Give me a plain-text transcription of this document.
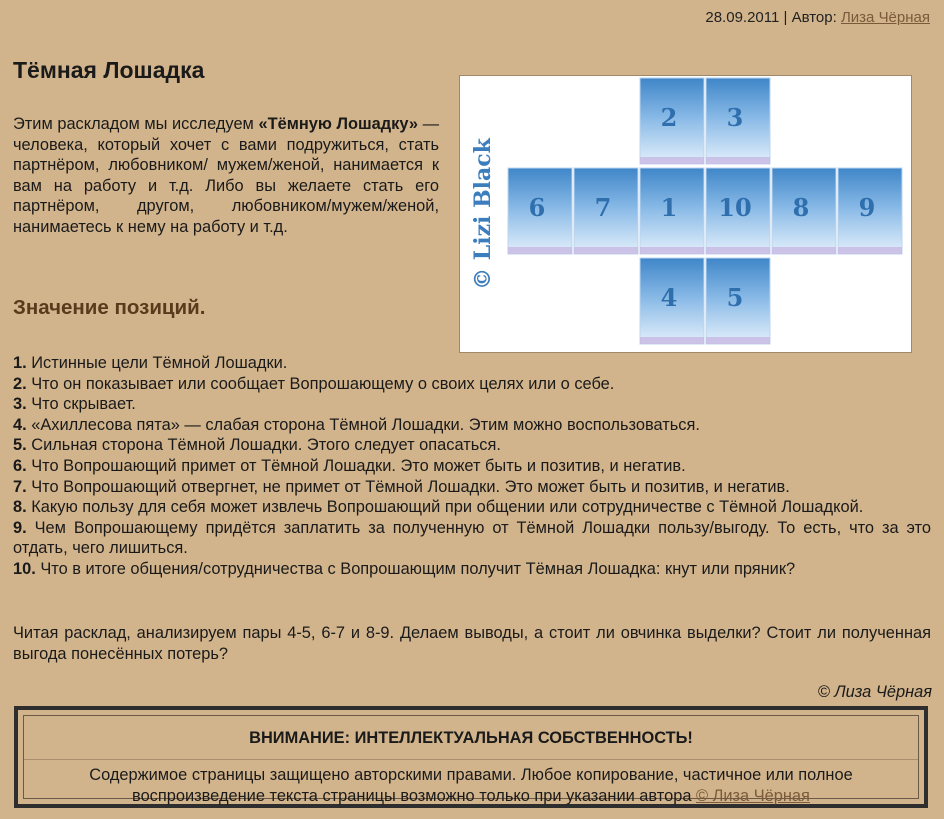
28.09.2011 | Автор: Лиза Чёрная
Тёмная Лошадка

Этим раскладом мы исследуем «Тёмную Лошадку» — человека, который хочет с вами подружиться, стать партнёром, любовником/ мужем/женой, нанимается к вам на работу и т.д. Либо вы желаете стать его партнёром, другом, любовником/мужем/женой, нанимаетесь к нему на работу и т.д.	© Lizi Black
2 3
6 7 1 10 8 9
4 5
Значение позиций.
1. Истинные цели Тёмной Лошадки.
2. Что он показывает или сообщает Вопрошающему о своих целях или о себе.
3. Что скрывает.
4. «Ахиллесова пята» — слабая сторона Тёмной Лошадки. Этим можно воспользоваться.
5. Сильная сторона Тёмной Лошадки. Этого следует опасаться.
6. Что Вопрошающий примет от Тёмной Лошадки. Это может быть и позитив, и негатив.
7. Что Вопрошающий отвергнет, не примет от Тёмной Лошадки. Это может быть и позитив, и негатив.
8. Какую пользу для себя может извлечь Вопрошающий при общении или сотрудничестве с Тёмной Лошадкой.
9. Чем Вопрошающему придётся заплатить за полученную от Тёмной Лошадки пользу/выгоду. То есть, что за это отдать, чего лишиться.
10. Что в итоге общения/сотрудничества с Вопрошающим получит Тёмная Лошадка: кнут или пряник?

Читая расклад, анализируем пары 4-5, 6-7 и 8-9. Делаем выводы, а стоит ли овчинка выделки? Стоит ли полученная выгода понесённых потерь?

© Лиза Чёрная
ВНИМАНИЕ: ИНТЕЛЛЕКТУАЛЬНАЯ СОБСТВЕННОСТЬ!
Содержимое страницы защищено авторскими правами. Любое копирование, частичное или полное воспроизведение текста страницы возможно только при указании автора © Лиза Чёрная
